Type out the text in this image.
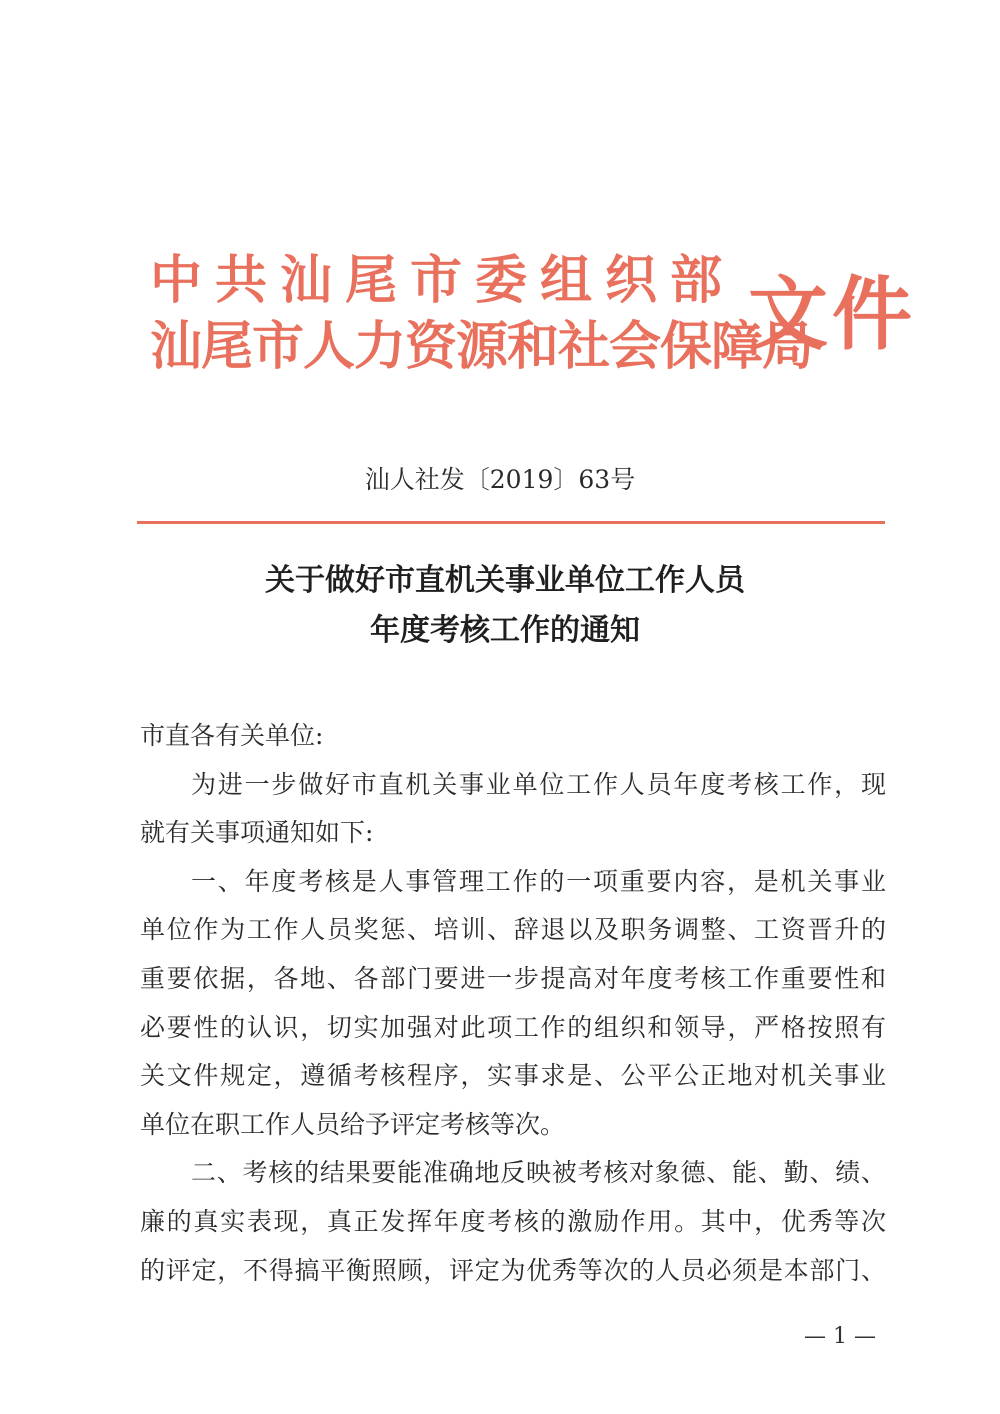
中共汕尾市委组织部
汕尾市人力资源和社会保障局
文件
汕人社发〔2019〕63号
关于做好市直机关事业单位工作人员
年度考核工作的通知
市直各有关单位:
为进一步做好市直机关事业单位工作人员年度考核工作，现
就有关事项通知如下:
一、年度考核是人事管理工作的一项重要内容，是机关事业
单位作为工作人员奖惩、培训、辞退以及职务调整、工资晋升的
重要依据，各地、各部门要进一步提高对年度考核工作重要性和
必要性的认识，切实加强对此项工作的组织和领导，严格按照有
关文件规定，遵循考核程序，实事求是、公平公正地对机关事业
单位在职工作人员给予评定考核等次。
二、考核的结果要能准确地反映被考核对象德、能、勤、绩、
廉的真实表现，真正发挥年度考核的激励作用。其中，优秀等次
的评定，不得搞平衡照顾，评定为优秀等次的人员必须是本部门、
— 1 —
